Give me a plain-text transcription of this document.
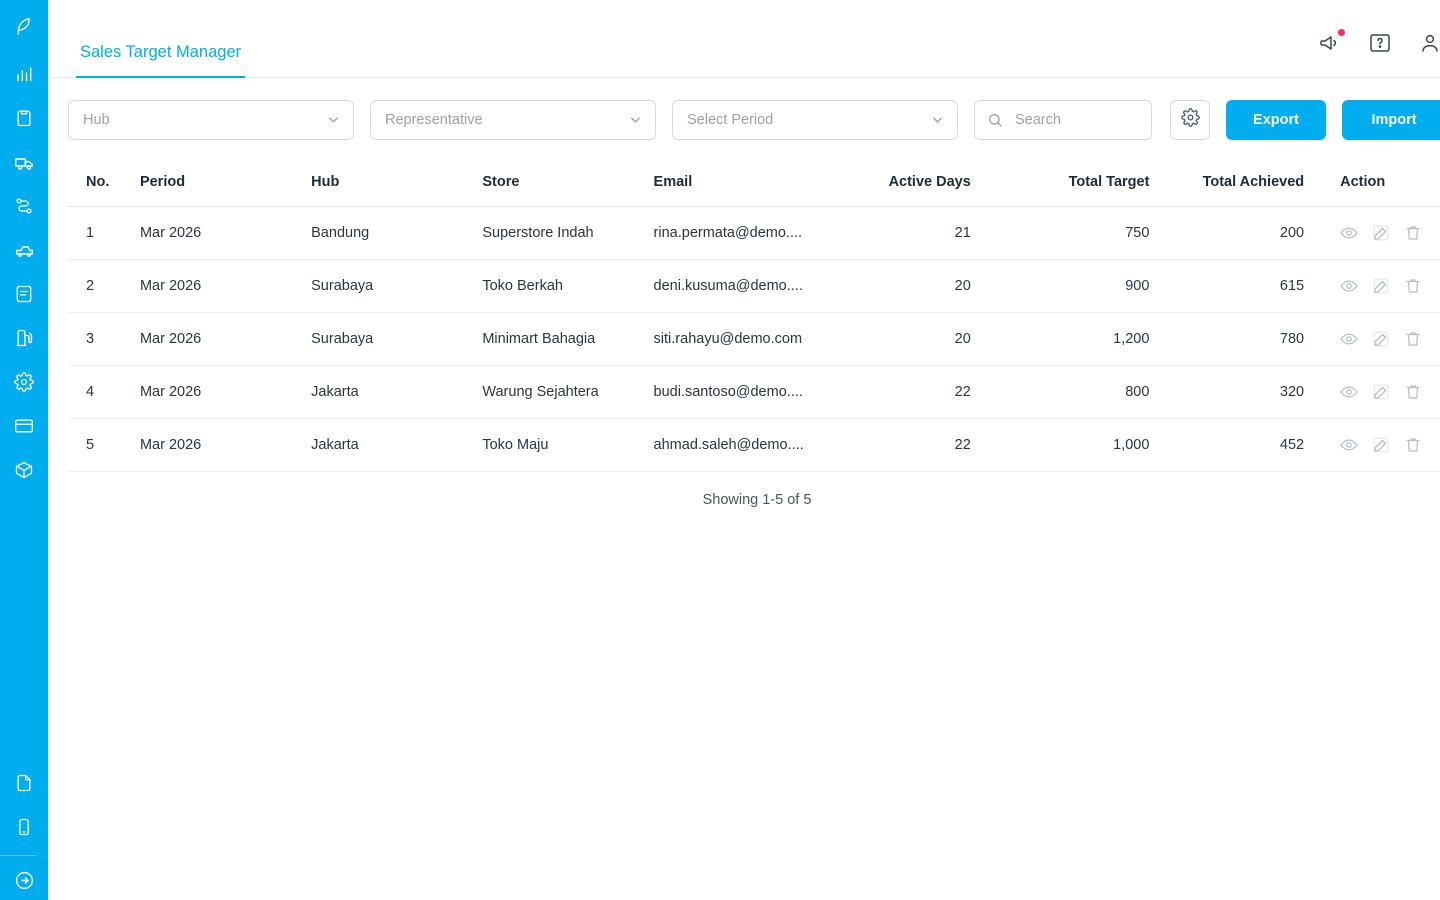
Sales Target Manager
Hub	Representative	Select Period
Search	Export	Import
No.	Period	Hub	Store	Email	Active Days	Total Target	Total Achieved	Action
1	Mar 2026	Bandung	Superstore Indah	rina.permata@demo....	21	750	200	

2	Mar 2026	Surabaya	Toko Berkah	deni.kusuma@demo....	20	900	615	

3	Mar 2026	Surabaya	Minimart Bahagia	siti.rahayu@demo.com	20	1,200	780	

4	Mar 2026	Jakarta	Warung Sejahtera	budi.santoso@demo....	22	800	320	

5	Mar 2026	Jakarta	Toko Maju	ahmad.saleh@demo....	22	1,000	452	
Showing 1-5 of 5
